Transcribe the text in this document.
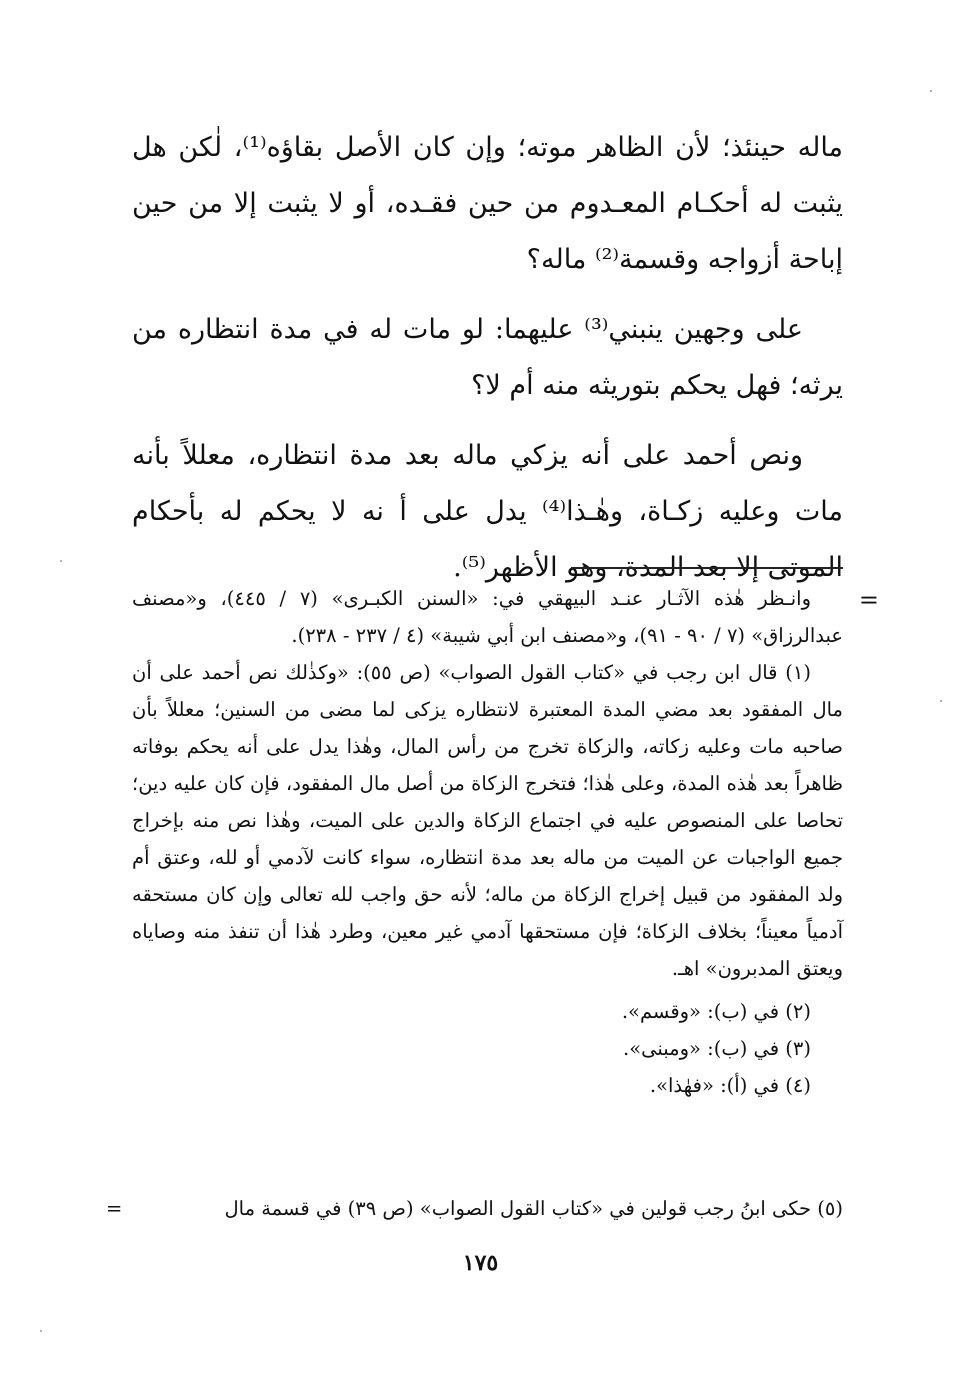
ماله حينئذ؛ لأن الظاهر موته؛ وإن كان الأصل بقاؤه⁽¹⁾، لٰكن هل يثبت له أحكـام المعـدوم من حين فقـده، أو لا يثبت إلا من حين إباحة أزواجه وقسمة⁽²⁾ ماله؟

على وجهين ينبني⁽³⁾ عليهما: لو مات له في مدة انتظاره من يرثه؛ فهل يحكم بتوريثه منه أم لا؟

ونص أحمد على أنه يزكي ماله بعد مدة انتظاره، معللاً بأنه مات وعليه زكـاة، وهٰـذا⁽⁴⁾ يدل على أ نه لا يحكم له بأحكام الموتى إلا بعد المدة، وهو الأظهر⁽⁵⁾.

=

وانـظر هٰذه الآثـار عنـد البيهقي في: «السنن الكبـرى» (٧ / ٤٤٥)، و«مصنف عبدالرزاق» (٧ / ٩٠ - ٩١)، و«مصنف ابن أبي شيبة» (٤ / ٢٣٧ - ٢٣٨).

(١) قال ابن رجب في «كتاب القول الصواب» (ص ٥٥): «وكذٰلك نص أحمد على أن مال المفقود بعد مضي المدة المعتبرة لانتظاره يزكى لما مضى من السنين؛ معللاً بأن صاحبه مات وعليه زكاته، والزكاة تخرج من رأس المال، وهٰذا يدل على أنه يحكم بوفاته ظاهراً بعد هٰذه المدة، وعلى هٰذا؛ فتخرج الزكاة من أصل مال المفقود، فإن كان عليه دين؛ تحاصا على المنصوص عليه في اجتماع الزكاة والدين على الميت، وهٰذا نص منه بإخراج جميع الواجبات عن الميت من ماله بعد مدة انتظاره، سواء كانت لآدمي أو لله، وعتق أم ولد المفقود من قبيل إخراج الزكاة من ماله؛ لأنه حق واجب لله تعالى وإن كان مستحقه آدمياً معيناً؛ بخلاف الزكاة؛ فإن مستحقها آدمي غير معين، وطرد هٰذا أن تنفذ منه وصاياه ويعتق المدبرون» اهـ.

(٢) في (ب): «وقسم».

(٣) في (ب): «ومبنى».

(٤) في (أ): «فهٰذا».

(٥) حكى ابنُ رجب قولين في «كتاب القول الصواب» (ص ٣٩) في قسمة مال
=
١٧٥
